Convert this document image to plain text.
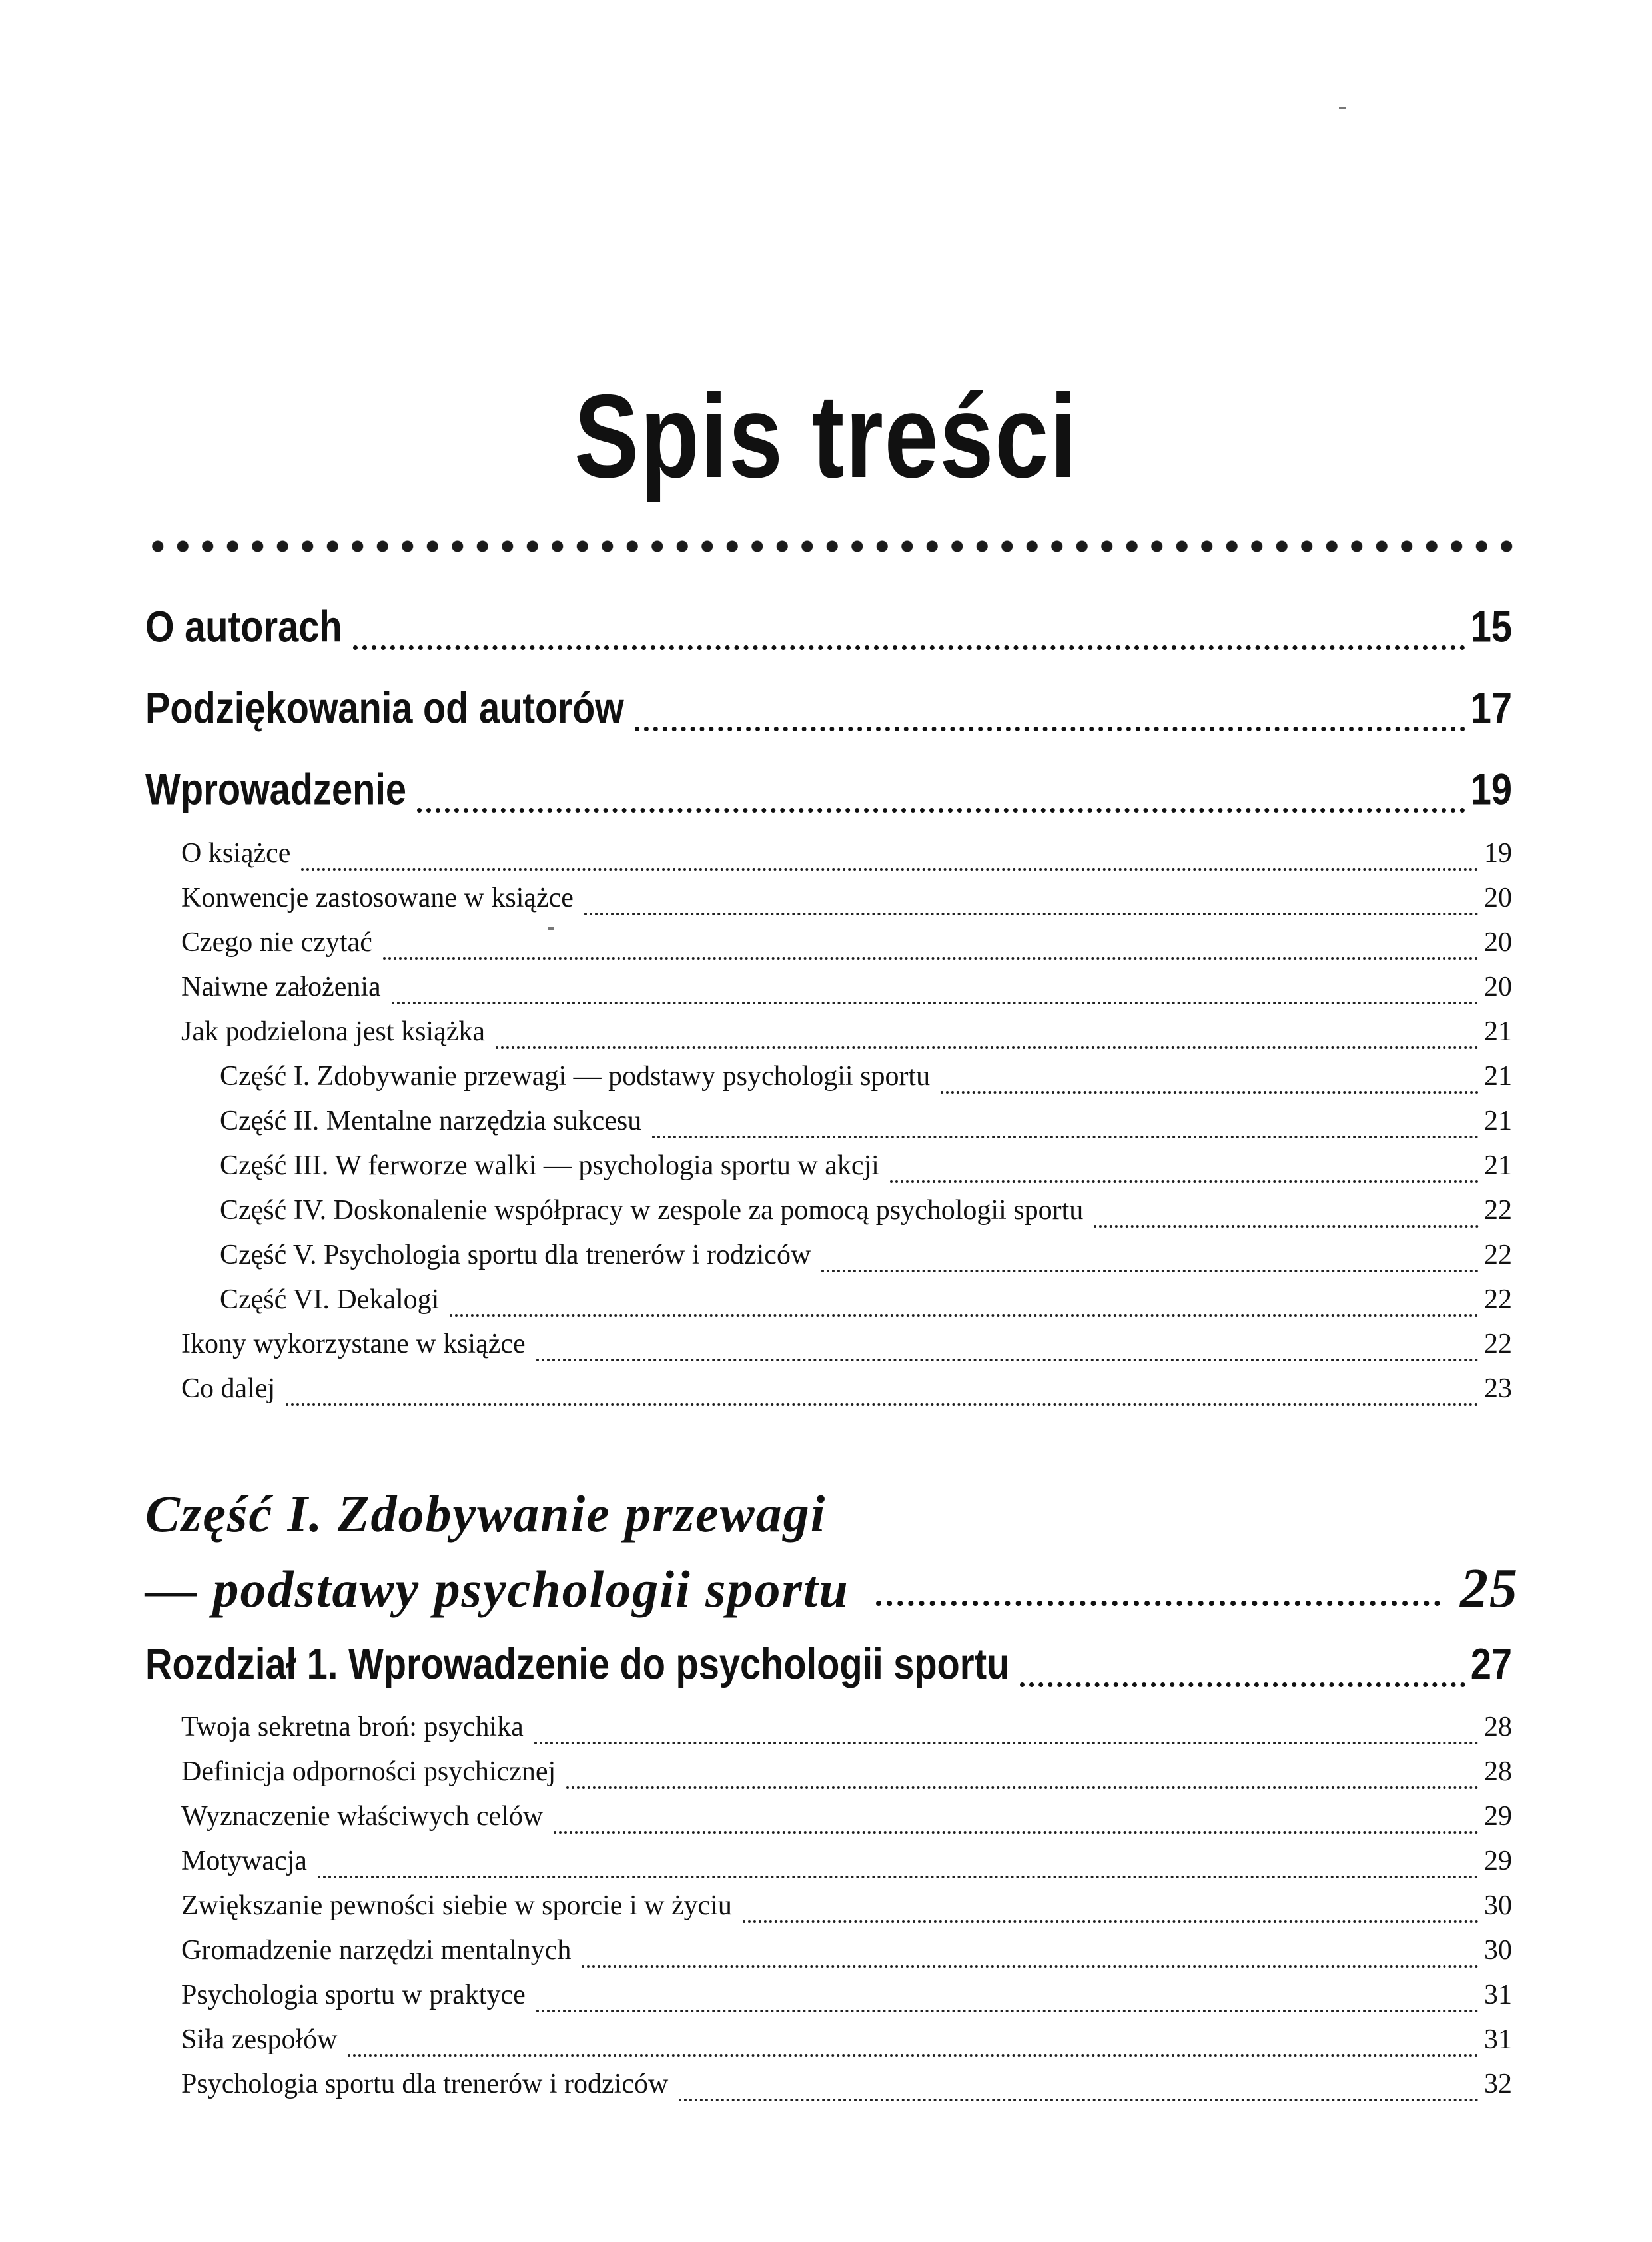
Spis treści
O autorach	15
Podziękowania od autorów	17
Wprowadzenie	19
O książce	19
Konwencje zastosowane w książce	20
Czego nie czytać	20
Naiwne założenia	20
Jak podzielona jest książka	21
Część I. Zdobywanie przewagi — podstawy psychologii sportu	21
Część II. Mentalne narzędzia sukcesu	21
Część III. W ferworze walki — psychologia sportu w akcji	21
Część IV. Doskonalenie współpracy w zespole za pomocą psychologii sportu	22
Część V. Psychologia sportu dla trenerów i rodziców	22
Część VI. Dekalogi	22
Ikony wykorzystane w książce	22
Co dalej	23
Część I. Zdobywanie przewagi
— podstawy psychologii sportu	25
Rozdział 1. Wprowadzenie do psychologii sportu	27
Twoja sekretna broń: psychika	28
Definicja odporności psychicznej	28
Wyznaczenie właściwych celów	29
Motywacja	29
Zwiększanie pewności siebie w sporcie i w życiu	30
Gromadzenie narzędzi mentalnych	30
Psychologia sportu w praktyce	31
Siła zespołów	31
Psychologia sportu dla trenerów i rodziców	32
